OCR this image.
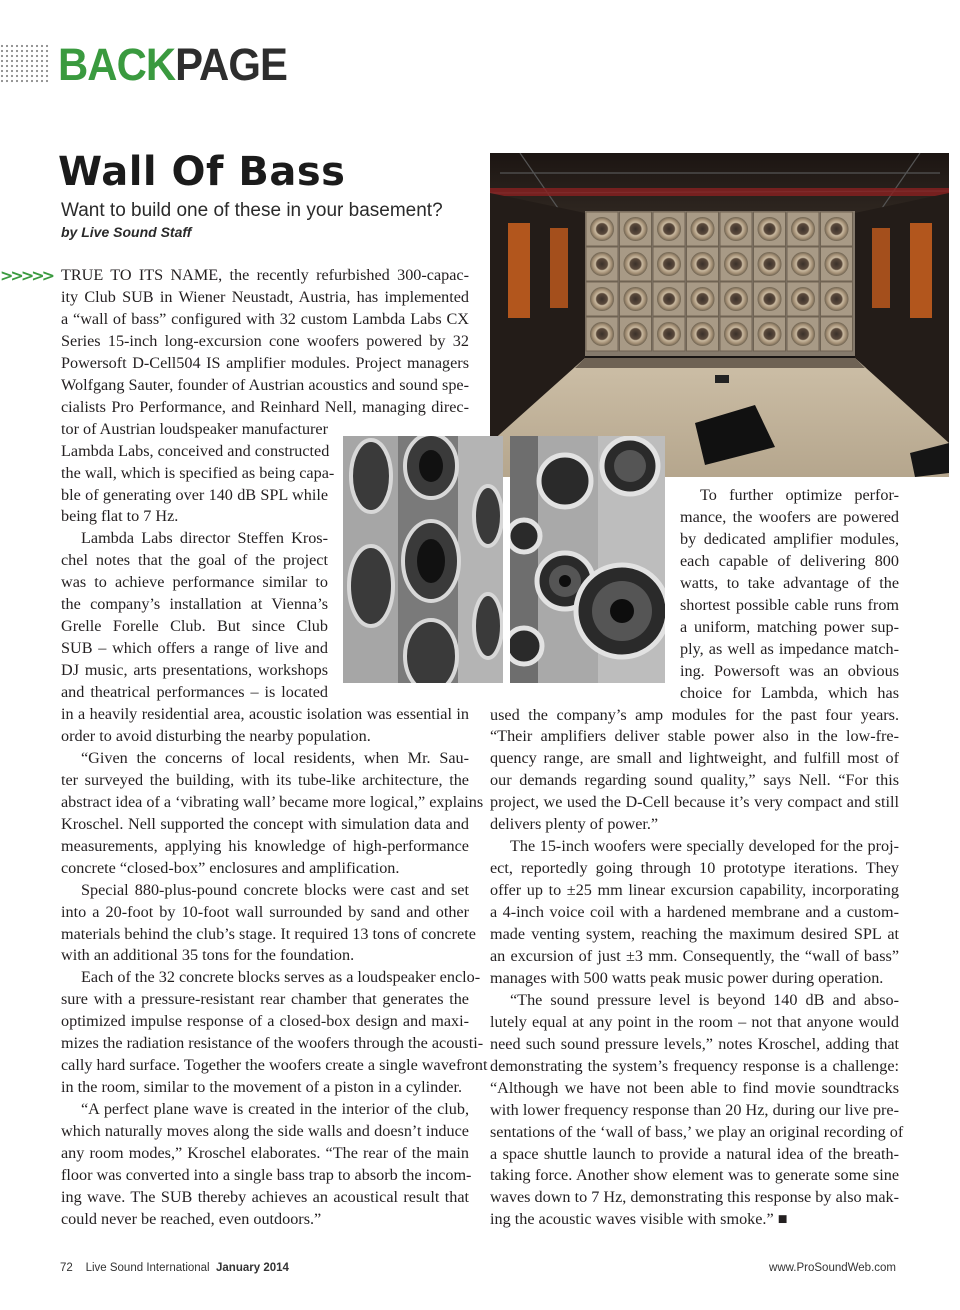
BACKPAGE
Wall Of Bass
Want to build one of these in your basement?
by Live Sound Staff
>>>>> TRUE TO ITS NAME, the recently refurbished 300-capac-

ity Club SUB in Wiener Neustadt, Austria, has implemented

a “wall of bass” configured with 32 custom Lambda Labs CX

Series 15-inch long-excursion cone woofers powered by 32

Powersoft D-Cell504 IS amplifier modules. Project managers

Wolfgang Sauter, founder of Austrian acoustics and sound spe-

cialists Pro Performance, and Reinhard Nell, managing direc-

tor of Austrian loudspeaker manufacturer

Lambda Labs, conceived and constructed

the wall, which is specified as being capa-

ble of generating over 140 dB SPL while

being flat to 7 Hz.

Lambda Labs director Steffen Kros-

chel notes that the goal of the project

was to achieve performance similar to

the company’s installation at Vienna’s

Grelle Forelle Club. But since Club

SUB – which offers a range of live and

DJ music, arts presentations, workshops

and theatrical performances – is located

in a heavily residential area, acoustic isolation was essential in

order to avoid disturbing the nearby population.

“Given the concerns of local residents, when Mr. Sau-

ter surveyed the building, with its tube-like architecture, the

abstract idea of a ‘vibrating wall’ became more logical,” explains

Kroschel. Nell supported the concept with simulation data and

measurements, applying his knowledge of high-performance

concrete “closed-box” enclosures and amplification.

Special 880-plus-pound concrete blocks were cast and set

into a 20-foot by 10-foot wall surrounded by sand and other

materials behind the club’s stage. It required 13 tons of concrete

with an additional 35 tons for the foundation.

Each of the 32 concrete blocks serves as a loudspeaker enclo-

sure with a pressure-resistant rear chamber that generates the

optimized impulse response of a closed-box design and maxi-

mizes the radiation resistance of the woofers through the acousti-

cally hard surface. Together the woofers create a single wavefront

in the room, similar to the movement of a piston in a cylinder.

“A perfect plane wave is created in the interior of the club,

which naturally moves along the side walls and doesn’t induce

any room modes,” Kroschel elaborates. “The rear of the main

floor was converted into a single bass trap to absorb the incom-

ing wave. The SUB thereby achieves an acoustical result that

could never be reached, even outdoors.”

To further optimize perfor-

mance, the woofers are powered

by dedicated amplifier modules,

each capable of delivering 800

watts, to take advantage of the

shortest possible cable runs from

a uniform, matching power sup-

ply, as well as impedance match-

ing. Powersoft was an obvious

choice for Lambda, which has

used the company’s amp modules for the past four years.

“Their amplifiers deliver stable power also in the low-fre-

quency range, are small and lightweight, and fulfill most of

our demands regarding sound quality,” says Nell. “For this

project, we used the D-Cell because it’s very compact and still

delivers plenty of power.”

The 15-inch woofers were specially developed for the proj-

ect, reportedly going through 10 prototype iterations. They

offer up to ±25 mm linear excursion capability, incorporating

a 4-inch voice coil with a hardened membrane and a custom-

made venting system, reaching the maximum desired SPL at

an excursion of just ±3 mm. Consequently, the “wall of bass”

manages with 500 watts peak music power during operation.

“The sound pressure level is beyond 140 dB and abso-

lutely equal at any point in the room – not that anyone would

need such sound pressure levels,” notes Kroschel, adding that

demonstrating the system’s frequency response is a challenge:

“Although we have not been able to find movie soundtracks

with lower frequency response than 20 Hz, during our live pre-

sentations of the ‘wall of bass,’ we play an original recording of

a space shuttle launch to provide a natural idea of the breath-

taking force. Another show element was to generate some sine

waves down to 7 Hz, demonstrating this response by also mak-

ing the acoustic waves visible with smoke.” ■

72 Live Sound International January 2014	www.ProSoundWeb.com
